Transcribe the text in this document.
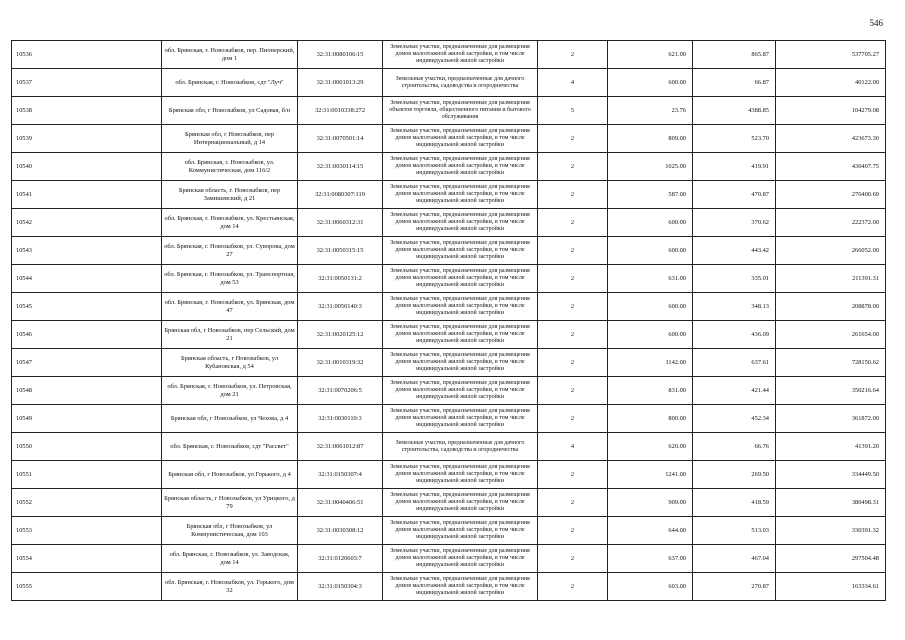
546
10536	обл. Брянская, г. Новозыбков, пер. Пионерский, дом 1	32:31:0080106:15	Земельные участки, предназначенные для размещения домов малоэтажной жилой застройки, в том числе индивидуальной жилой застройки	2	621.00	865.87	537705.27
10537	обл. Брянская, г. Новозыбков, сдт "Луч"	32:31:0061013:29	Земельные участки, предназначенные для дачного строительства, садоводства и огородничества	4	600.00	66.87	40122.00
10538	Брянская обл, г Новозыбков, ул Садовая, б/н	32:31:0010338:272	Земельные участки, предназначенные для размещения объектов торговли, общественного питания и бытового обслуживания	5	23.76	4388.85	104279.08
10539	Брянская обл, г Новозыбков, пер Интернациональный, д 14	32:31:0070501:14	Земельные участки, предназначенные для размещения домов малоэтажной жилой застройки, в том числе индивидуальной жилой застройки	2	809.00	523.70	423673.30
10540	обл. Брянская, г. Новозыбков, ул. Коммунистическая, дом 116/2	32:31:0030114:15	Земельные участки, предназначенные для размещения домов малоэтажной жилой застройки, в том числе индивидуальной жилой застройки	2	1025.00	419.91	430407.75
10541	Брянская область, г. Новозыбков, пер Замишевский, д 21	32:31:0080307:119	Земельные участки, предназначенные для размещения домов малоэтажной жилой застройки, в том числе индивидуальной жилой застройки	2	587.00	470.87	276400.69
10542	обл. Брянская, г. Новозыбков, ул. Крестьянская, дом 14	32:31:0060312:31	Земельные участки, предназначенные для размещения домов малоэтажной жилой застройки, в том числе индивидуальной жилой застройки	2	600.00	370.62	222372.00
10543	обл. Брянская, г. Новозыбков, ул. Суворова, дом 27	32:31:0050315:15	Земельные участки, предназначенные для размещения домов малоэтажной жилой застройки, в том числе индивидуальной жилой застройки	2	600.00	443.42	266052.00
10544	обл. Брянская, г. Новозыбков, ул. Транспортная, дом 53	32:31:0050131:2	Земельные участки, предназначенные для размещения домов малоэтажной жилой застройки, в том числе индивидуальной жилой застройки	2	631.00	335.01	211391.31
10545	обл. Брянская, г. Новозыбков, ул. Брянская, дом 47	32:31:0050140:3	Земельные участки, предназначенные для размещения домов малоэтажной жилой застройки, в том числе индивидуальной жилой застройки	2	600.00	348.13	208878.00
10546	Брянская обл, г Новозыбков, пер Сельский, дом 21	32:31:0020125:12	Земельные участки, предназначенные для размещения домов малоэтажной жилой застройки, в том числе индивидуальной жилой застройки	2	600.00	436.09	261654.00
10547	Брянская область, г Новозыбков, ул Кубановская, д 54	32:31:0010319:32	Земельные участки, предназначенные для размещения домов малоэтажной жилой застройки, в том числе индивидуальной жилой застройки	2	1142.00	637.61	728150.62
10548	обл. Брянская, г. Новозыбков, ул. Петровская, дом 21	32:31:0070206:5	Земельные участки, предназначенные для размещения домов малоэтажной жилой застройки, в том числе индивидуальной жилой застройки	2	831.00	421.44	350216.64
10549	Брянская обл, г Новозыбков, ул Чехова, д 4	32:31:0030110:3	Земельные участки, предназначенные для размещения домов малоэтажной жилой застройки, в том числе индивидуальной жилой застройки	2	800.00	452.34	361872.00
10550	обл. Брянская, г. Новозыбков, сдт "Рассвет"	32:31:0061012:87	Земельные участки, предназначенные для дачного строительства, садоводства и огородничества	4	620.00	66.76	41391.20
10551	Брянская обл, г Новозыбков, ул Горького, д 4	32:31:0150307:4	Земельные участки, предназначенные для размещения домов малоэтажной жилой застройки, в том числе индивидуальной жилой застройки	2	1241.00	269.50	334449.50
10552	Брянская область, г Новозыбков, ул Урицкого, д 79	32:31:0040406:51	Земельные участки, предназначенные для размещения домов малоэтажной жилой застройки, в том числе индивидуальной жилой застройки	2	909.00	418.59	380498.31
10553	Брянская обл, г Новозыбков, ул Коммунистическая, дом 103	32:31:0030308:12	Земельные участки, предназначенные для размещения домов малоэтажной жилой застройки, в том числе индивидуальной жилой застройки	2	644.00	513.03	330391.32
10554	обл. Брянская, г. Новозыбков, ул. Заводская, дом 14	32:31:0120603:7	Земельные участки, предназначенные для размещения домов малоэтажной жилой застройки, в том числе индивидуальной жилой застройки	2	637.00	467.04	297504.48
10555	обл. Брянская, г. Новозыбков, ул. Горького, дом 32	32:31:0150304:3	Земельные участки, предназначенные для размещения домов малоэтажной жилой застройки, в том числе индивидуальной жилой застройки	2	603.00	270.87	163334.61
